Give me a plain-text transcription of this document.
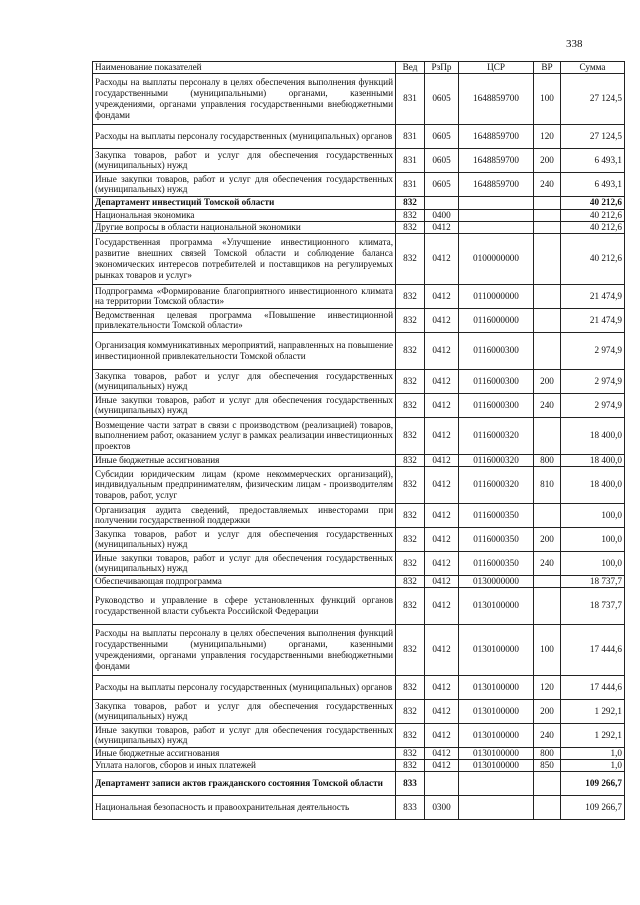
338
Наименование показателей	Вед	РзПр	ЦСР	ВР	Сумма
Расходы на выплаты персоналу в целях обеспечения выполнения функций государственными (муниципальными) органами, казенными учреждениями, органами управления государственными внебюджетными фондами	831	0605	1648859700	100	27 124,5
Расходы на выплаты персоналу государственных (муниципальных) органов	831	0605	1648859700	120	27 124,5
Закупка товаров, работ и услуг для обеспечения государственных (муниципальных) нужд	831	0605	1648859700	200	6 493,1
Иные закупки товаров, работ и услуг для обеспечения государственных (муниципальных) нужд	831	0605	1648859700	240	6 493,1
Департамент инвестиций Томской области	832				40 212,6
Национальная экономика	832	0400			40 212,6
Другие вопросы в области национальной экономики	832	0412			40 212,6
Государственная программа «Улучшение инвестиционного климата, развитие внешних связей Томской области и соблюдение баланса экономических интересов потребителей и поставщиков на регулируемых рынках товаров и услуг»	832	0412	0100000000		40 212,6
Подпрограмма «Формирование благоприятного инвестиционного климата на территории Томской области»	832	0412	0110000000		21 474,9
Ведомственная целевая программа «Повышение инвестиционной привлекательности Томской области»	832	0412	0116000000		21 474,9
Организация коммуникативных мероприятий, направленных на повышение инвестиционной привлекательности Томской области	832	0412	0116000300		2 974,9
Закупка товаров, работ и услуг для обеспечения государственных (муниципальных) нужд	832	0412	0116000300	200	2 974,9
Иные закупки товаров, работ и услуг для обеспечения государственных (муниципальных) нужд	832	0412	0116000300	240	2 974,9
Возмещение части затрат в связи с производством (реализацией) товаров, выполнением работ, оказанием услуг в рамках реализации инвестиционных проектов	832	0412	0116000320		18 400,0
Иные бюджетные ассигнования	832	0412	0116000320	800	18 400,0
Субсидии юридическим лицам (кроме некоммерческих организаций), индивидуальным предпринимателям, физическим лицам - производителям товаров, работ, услуг	832	0412	0116000320	810	18 400,0
Организация аудита сведений, предоставляемых инвесторами при получении государственной поддержки	832	0412	0116000350		100,0
Закупка товаров, работ и услуг для обеспечения государственных (муниципальных) нужд	832	0412	0116000350	200	100,0
Иные закупки товаров, работ и услуг для обеспечения государственных (муниципальных) нужд	832	0412	0116000350	240	100,0
Обеспечивающая подпрограмма	832	0412	0130000000		18 737,7
Руководство и управление в сфере установленных функций органов государственной власти субъекта Российской Федерации	832	0412	0130100000		18 737,7
Расходы на выплаты персоналу в целях обеспечения выполнения функций государственными (муниципальными) органами, казенными учреждениями, органами управления государственными внебюджетными фондами	832	0412	0130100000	100	17 444,6
Расходы на выплаты персоналу государственных (муниципальных) органов	832	0412	0130100000	120	17 444,6
Закупка товаров, работ и услуг для обеспечения государственных (муниципальных) нужд	832	0412	0130100000	200	1 292,1
Иные закупки товаров, работ и услуг для обеспечения государственных (муниципальных) нужд	832	0412	0130100000	240	1 292,1
Иные бюджетные ассигнования	832	0412	0130100000	800	1,0
Уплата налогов, сборов и иных платежей	832	0412	0130100000	850	1,0
Департамент записи актов гражданского состояния Томской области	833				109 266,7
Национальная безопасность и правоохранительная деятельность	833	0300			109 266,7
